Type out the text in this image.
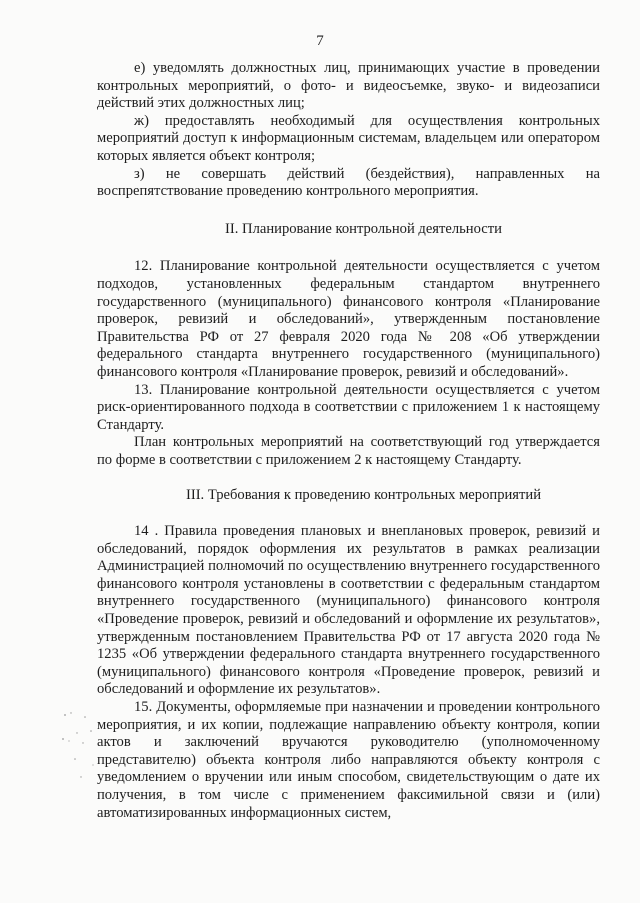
7

е) уведомлять должностных лиц, принимающих участие в проведении контрольных мероприятий, о фото- и видеосъемке, звуко- и видеозаписи действий этих должностных лиц;

ж) предоставлять необходимый для осуществления контрольных мероприятий доступ к информационным системам, владельцем или оператором которых является объект контроля;

з) не совершать действий (бездействия), направленных на воспрепятствование проведению контрольного мероприятия.

II. Планирование контрольной деятельности

12. Планирование контрольной деятельности осуществляется с учетом подходов, установленных федеральным стандартом внутреннего государственного (муниципального) финансового контроля «Планирование проверок, ревизий и обследований», утвержденным постановление Правительства РФ от 27 февраля 2020 года № 208 «Об утверждении федерального стандарта внутреннего государственного (муниципального) финансового контроля «Планирование проверок, ревизий и обследований».

13. Планирование контрольной деятельности осуществляется с учетом риск-ориентированного подхода в соответствии с приложением 1 к настоящему Стандарту.

План контрольных мероприятий на соответствующий год утверждается по форме в соответствии с приложением 2 к настоящему Стандарту.

III. Требования к проведению контрольных мероприятий

14 . Правила проведения плановых и внеплановых проверок, ревизий и обследований, порядок оформления их результатов в рамках реализации Администрацией полномочий по осуществлению внутреннего государственного финансового контроля установлены в соответствии с федеральным стандартом внутреннего государственного (муниципального) финансового контроля «Проведение проверок, ревизий и обследований и оформление их результатов», утвержденным постановлением Правительства РФ от 17 августа 2020 года № 1235 «Об утверждении федерального стандарта внутреннего государственного (муниципального) финансового контроля «Проведение проверок, ревизий и обследований и оформление их результатов».

15. Документы, оформляемые при назначении и проведении контрольного мероприятия, и их копии, подлежащие направлению объекту контроля, копии актов и заключений вручаются руководителю (уполномоченному представителю) объекта контроля либо направляются объекту контроля с уведомлением о вручении или иным способом, свидетельствующим о дате их получения, в том числе с применением факсимильной связи и (или) автоматизированных информационных систем,
